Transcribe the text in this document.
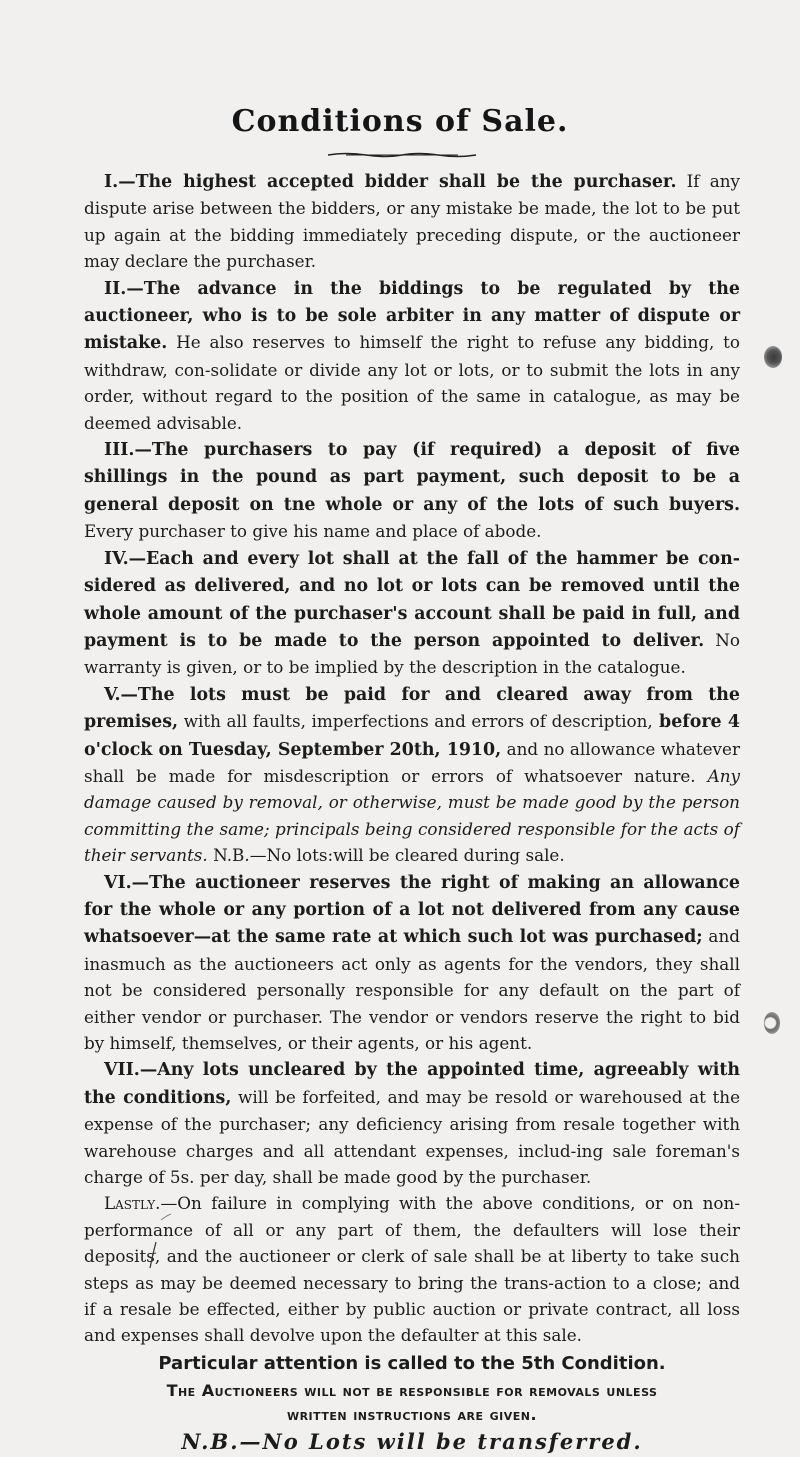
Conditions of Sale.

I.—The highest accepted bidder shall be the purchaser. If any dispute arise between the bidders, or any mistake be made, the lot to be put up again at the bidding immediately preceding dispute, or the auctioneer may declare the purchaser.

II.—The advance in the biddings to be regulated by the auctioneer, who is to be sole arbiter in any matter of dispute or mistake. He also reserves to himself the right to refuse any bidding, to withdraw, con-solidate or divide any lot or lots, or to submit the lots in any order, without regard to the position of the same in catalogue, as may be deemed advisable.

III.—The purchasers to pay (if required) a deposit of five shillings in the pound as part payment, such deposit to be a general deposit on tne whole or any of the lots of such buyers. Every purchaser to give his name and place of abode.

IV.—Each and every lot shall at the fall of the hammer be con-sidered as delivered, and no lot or lots can be removed until the whole amount of the purchaser's account shall be paid in full, and payment is to be made to the person appointed to deliver. No warranty is given, or to be implied by the description in the catalogue.

V.—The lots must be paid for and cleared away from the premises, with all faults, imperfections and errors of description, before 4 o'clock on Tuesday, September 20th, 1910, and no allowance whatever shall be made for misdescription or errors of whatsoever nature. Any damage caused by removal, or otherwise, must be made good by the person committing the same; principals being considered responsible for the acts of their servants. N.B.—No lots:will be cleared during sale.

VI.—The auctioneer reserves the right of making an allowance for the whole or any portion of a lot not delivered from any cause whatsoever—at the same rate at which such lot was purchased; and inasmuch as the auctioneers act only as agents for the vendors, they shall not be considered personally responsible for any default on the part of either vendor or purchaser. The vendor or vendors reserve the right to bid by himself, themselves, or their agents, or his agent.

VII.—Any lots uncleared by the appointed time, agreeably with the conditions, will be forfeited, and may be resold or warehoused at the expense of the purchaser; any deficiency arising from resale together with warehouse charges and all attendant expenses, includ-ing sale foreman's charge of 5s. per day, shall be made good by the purchaser.

Lastly.—On failure in complying with the above conditions, or on non-performance of all or any part of them, the defaulters will lose their deposits, and the auctioneer or clerk of sale shall be at liberty to take such steps as may be deemed necessary to bring the trans-action to a close; and if a resale be effected, either by public auction or private contract, all loss and expenses shall devolve upon the defaulter at this sale.

Particular attention is called to the 5th Condition.

The Auctioneers will not be responsible for removals unless

written instructions are given.

N.B.—No Lots will be transferred.
